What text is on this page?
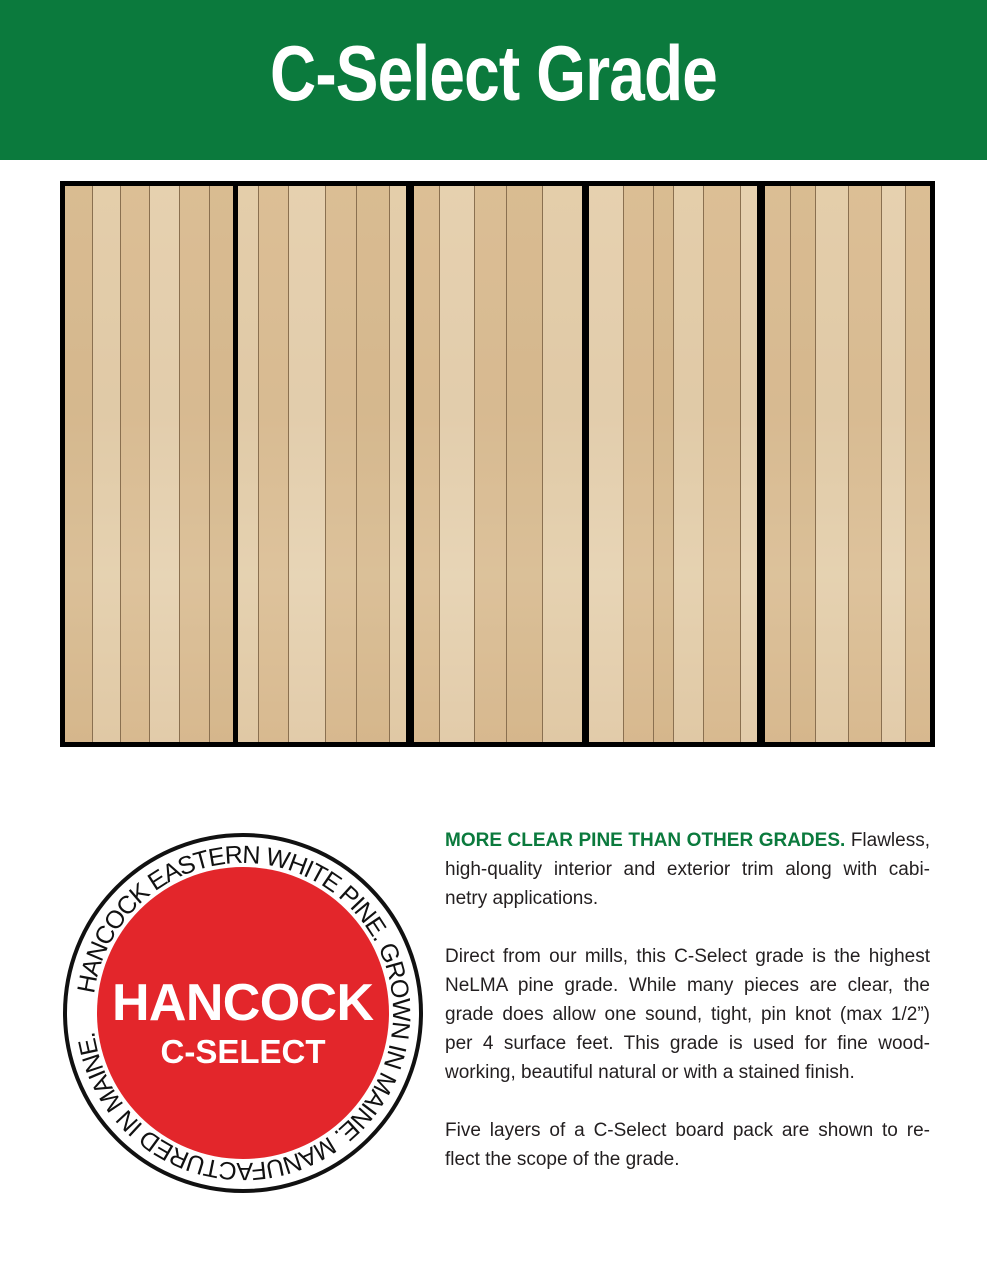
C-Select Grade
HANCOCK EASTERN WHITE PINE. GROWN IN MAINE. MANUFACTURED IN MAINE.
HANCOCK
C-SELECT
MORE CLEAR PINE THAN OTHER GRADES. Flawless,
high-quality interior and exterior trim along with cabi-
netry applications.
Direct from our mills, this C-Select grade is the highest
NeLMA pine grade. While many pieces are clear, the
grade does allow one sound, tight, pin knot (max 1/2”)
per 4 surface feet. This grade is used for fine wood-
working, beautiful natural or with a stained finish.
Five layers of a C-Select board pack are shown to re-
flect the scope of the grade.
